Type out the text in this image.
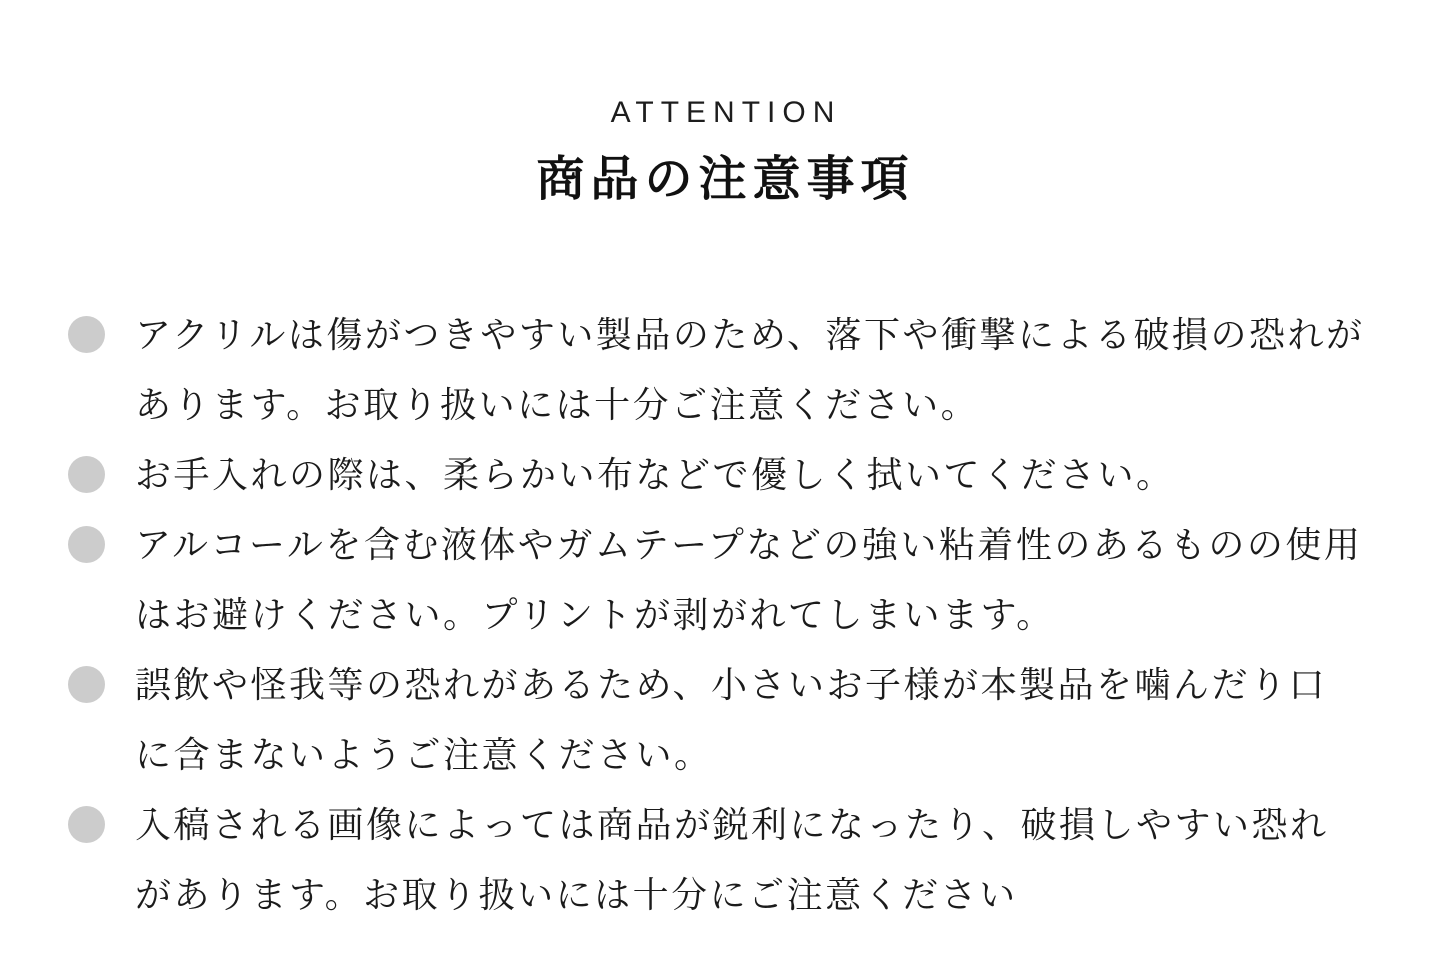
ATTENTION
商品の注意事項
アクリルは傷がつきやすい製品のため、落下や衝撃による破損の恐れが
あります。お取り扱いには十分ご注意ください。
お手入れの際は、柔らかい布などで優しく拭いてください。
アルコールを含む液体やガムテープなどの強い粘着性のあるものの使用
はお避けください。プリントが剥がれてしまいます。
誤飲や怪我等の恐れがあるため、小さいお子様が本製品を噛んだり口
に含まないようご注意ください。
入稿される画像によっては商品が鋭利になったり、破損しやすい恐れ
があります。お取り扱いには十分にご注意ください
